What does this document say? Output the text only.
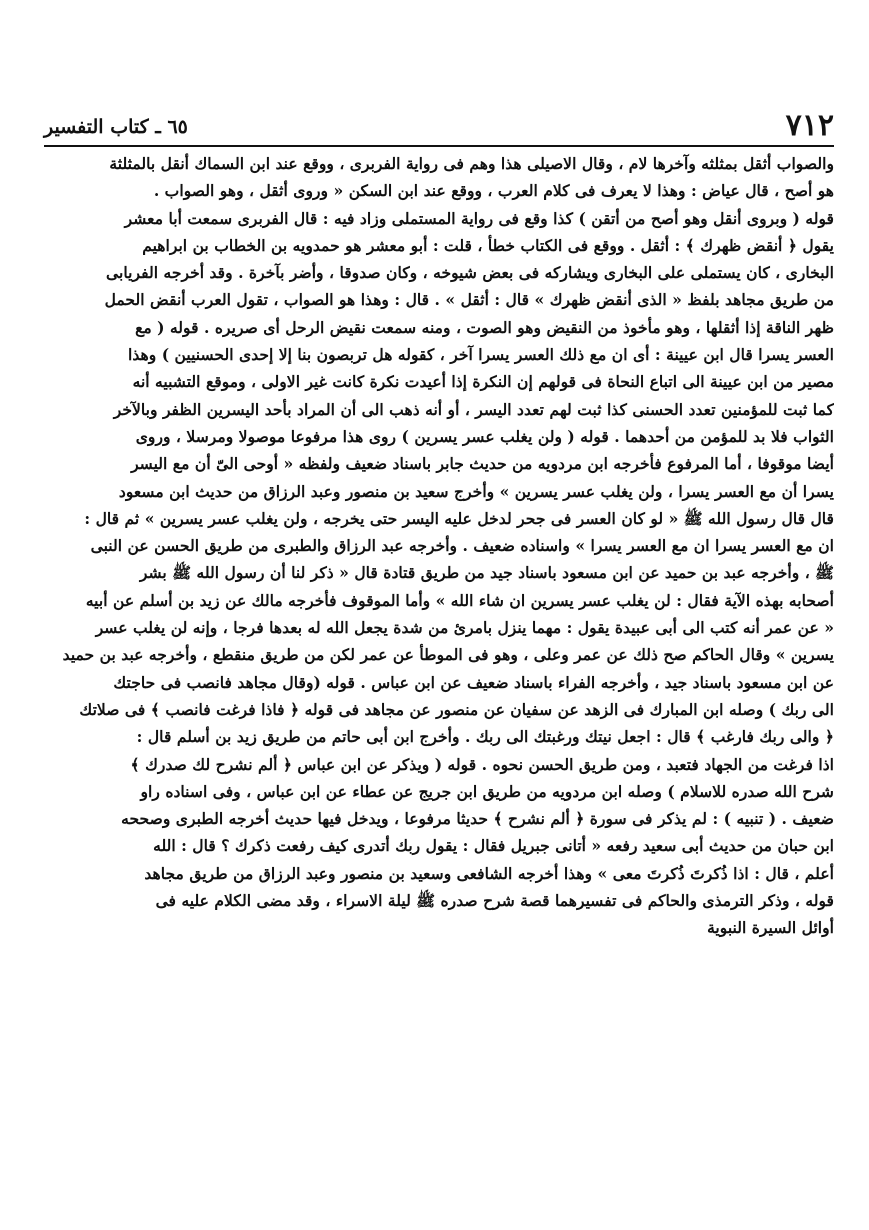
٧١٢
٦٥ ـ كتاب التفسير
والصواب أثقل بمثلثه وآخرها لام ، وقال الاصيلى هذا وهم فى رواية الفربرى ، ووقع عند ابن السماك أنقل بالمثلثة
هو أصح ، قال عياض : وهذا لا يعرف فى كلام العرب ، ووقع عند ابن السكن « وروى أثقل ، وهو الصواب .
قوله ( وبروى أنقل وهو أصح من أتقن ) كذا وقع فى رواية المستملى وزاد فيه : قال الفربرى سمعت أبا معشر
يقول ﴿ أنقض ظهرك ﴾ : أثقل . ووقع فى الكتاب خطأ ، قلت : أبو معشر هو حمدويه بن الخطاب بن ابراهيم
البخارى ، كان يستملى على البخارى ويشاركه فى بعض شيوخه ، وكان صدوقا ، وأضر بآخرة . وقد أخرجه الفريابى
من طريق مجاهد بلفظ « الذى أنقض ظهرك » قال : أثقل » . قال : وهذا هو الصواب ، تقول العرب أنقض الحمل
ظهر الناقة إذا أثقلها ، وهو مأخوذ من النقيض وهو الصوت ، ومنه سمعت نقيض الرحل أى صريره . قوله ( مع
العسر يسرا قال ابن عيينة : أى ان مع ذلك العسر يسرا آخر ، كقوله هل تربصون بنا إلا إحدى الحسنيين ) وهذا
مصير من ابن عيينة الى اتباع النحاة فى قولهم إن النكرة إذا أعيدت نكرة كانت غير الاولى ، وموقع التشبيه أنه
كما ثبت للمؤمنين تعدد الحسنى كذا ثبت لهم تعدد اليسر ، أو أنه ذهب الى أن المراد بأحد اليسرين الظفر وبالآخر
الثواب فلا بد للمؤمن من أحدهما . قوله ( ولن يغلب عسر يسرين ) روى هذا مرفوعا موصولا ومرسلا ، وروى
أيضا موقوفا ، أما المرفوع فأخرجه ابن مردويه من حديث جابر باسناد ضعيف ولفظه « أوحى الىّ أن مع اليسر
يسرا أن مع العسر يسرا ، ولن يغلب عسر يسرين » وأخرج سعيد بن منصور وعبد الرزاق من حديث ابن مسعود
قال قال رسول الله ﷺ « لو كان العسر فى جحر لدخل عليه اليسر حتى يخرجه ، ولن يغلب عسر يسرين » ثم قال :
ان مع العسر يسرا ان مع العسر يسرا » واسناده ضعيف . وأخرجه عبد الرزاق والطبرى من طريق الحسن عن النبى
ﷺ ، وأخرجه عبد بن حميد عن ابن مسعود باسناد جيد من طريق قتادة قال « ذكر لنا أن رسول الله ﷺ بشر
أصحابه بهذه الآية فقال : لن يغلب عسر يسرين ان شاء الله » وأما الموقوف فأخرجه مالك عن زيد بن أسلم عن أبيه
« عن عمر أنه كتب الى أبى عبيدة يقول : مهما ينزل بامرئ من شدة يجعل الله له بعدها فرجا ، وإنه لن يغلب عسر
يسرين » وقال الحاكم صح ذلك عن عمر وعلى ، وهو فى الموطأ عن عمر لكن من طريق منقطع ، وأخرجه عبد بن حميد
عن ابن مسعود باسناد جيد ، وأخرجه الفراء باسناد ضعيف عن ابن عباس . قوله (وقال مجاهد فانصب فى حاجتك
الى ربك ) وصله ابن المبارك فى الزهد عن سفيان عن منصور عن مجاهد فى قوله ﴿ فاذا فرغت فانصب ﴾ فى صلاتك
﴿ والى ربك فارغب ﴾ قال : اجعل نيتك ورغبتك الى ربك . وأخرج ابن أبى حاتم من طريق زيد بن أسلم قال :
اذا فرغت من الجهاد فتعبد ، ومن طريق الحسن نحوه . قوله ( ويذكر عن ابن عباس ﴿ ألم نشرح لك صدرك ﴾
شرح الله صدره للاسلام ) وصله ابن مردويه من طريق ابن جريج عن عطاء عن ابن عباس ، وفى اسناده راو
ضعيف . ( تنبيه ) : لم يذكر فى سورة ﴿ ألم نشرح ﴾ حديثا مرفوعا ، ويدخل فيها حديث أخرجه الطبرى وصححه
ابن حبان من حديث أبى سعيد رفعه « أتانى جبريل فقال : يقول ربك أتدرى كيف رفعت ذكرك ؟ قال : الله
أعلم ، قال : اذا ذُكرتَ ذُكرتَ معى » وهذا أخرجه الشافعى وسعيد بن منصور وعبد الرزاق من طريق مجاهد
قوله ، وذكر الترمذى والحاكم فى تفسيرهما قصة شرح صدره ﷺ ليلة الاسراء ، وقد مضى الكلام عليه فى
أوائل السيرة النبوية
